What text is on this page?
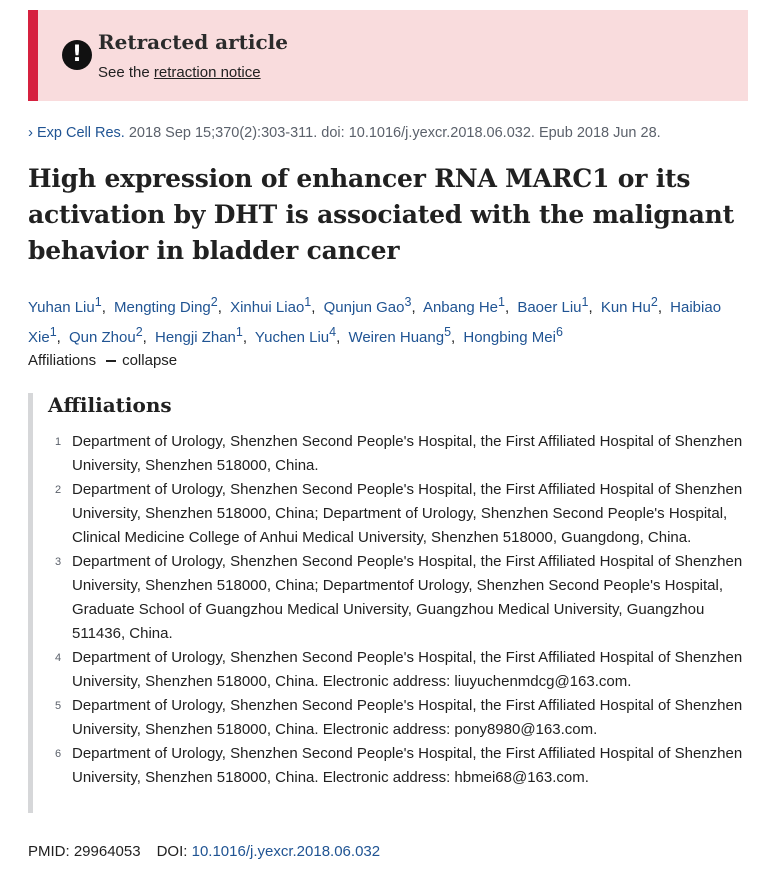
! Retracted article
See the retraction notice
› Exp Cell Res. 2018 Sep 15;370(2):303-311. doi: 10.1016/j.yexcr.2018.06.032. Epub 2018 Jun 28.
High expression of enhancer RNA MARC1 or its activation by DHT is associated with the malignant behavior in bladder cancer
Yuhan Liu$^1$, Mengting Ding$^2$, Xinhui Liao$^1$, Qunjun Gao$^3$, Anbang He$^1$, Baoer Liu$^1$, Kun Hu$^2$, Haibiao Xie$^1$, Qun Zhou$^2$, Hengji Zhan$^1$, Yuchen Liu$^4$, Weiren Huang$^5$, Hongbing Mei$^6$
Affiliations collapse
Affiliations
1 Department of Urology, Shenzhen Second People's Hospital, the First Affiliated Hospital of Shenzhen University, Shenzhen 518000, China.
2 Department of Urology, Shenzhen Second People's Hospital, the First Affiliated Hospital of Shenzhen University, Shenzhen 518000, China; Department of Urology, Shenzhen Second People's Hospital, Clinical Medicine College of Anhui Medical University, Shenzhen 518000, Guangdong, China.
3 Department of Urology, Shenzhen Second People's Hospital, the First Affiliated Hospital of Shenzhen University, Shenzhen 518000, China; Departmentof Urology, Shenzhen Second People's Hospital, Graduate School of Guangzhou Medical University, Guangzhou Medical University, Guangzhou 511436, China.
4 Department of Urology, Shenzhen Second People's Hospital, the First Affiliated Hospital of Shenzhen University, Shenzhen 518000, China. Electronic address: liuyuchenmdcg@163.com.
5 Department of Urology, Shenzhen Second People's Hospital, the First Affiliated Hospital of Shenzhen University, Shenzhen 518000, China. Electronic address: pony8980@163.com.
6 Department of Urology, Shenzhen Second People's Hospital, the First Affiliated Hospital of Shenzhen University, Shenzhen 518000, China. Electronic address: hbmei68@163.com.
PMID: 29964053 DOI: 10.1016/j.yexcr.2018.06.032
